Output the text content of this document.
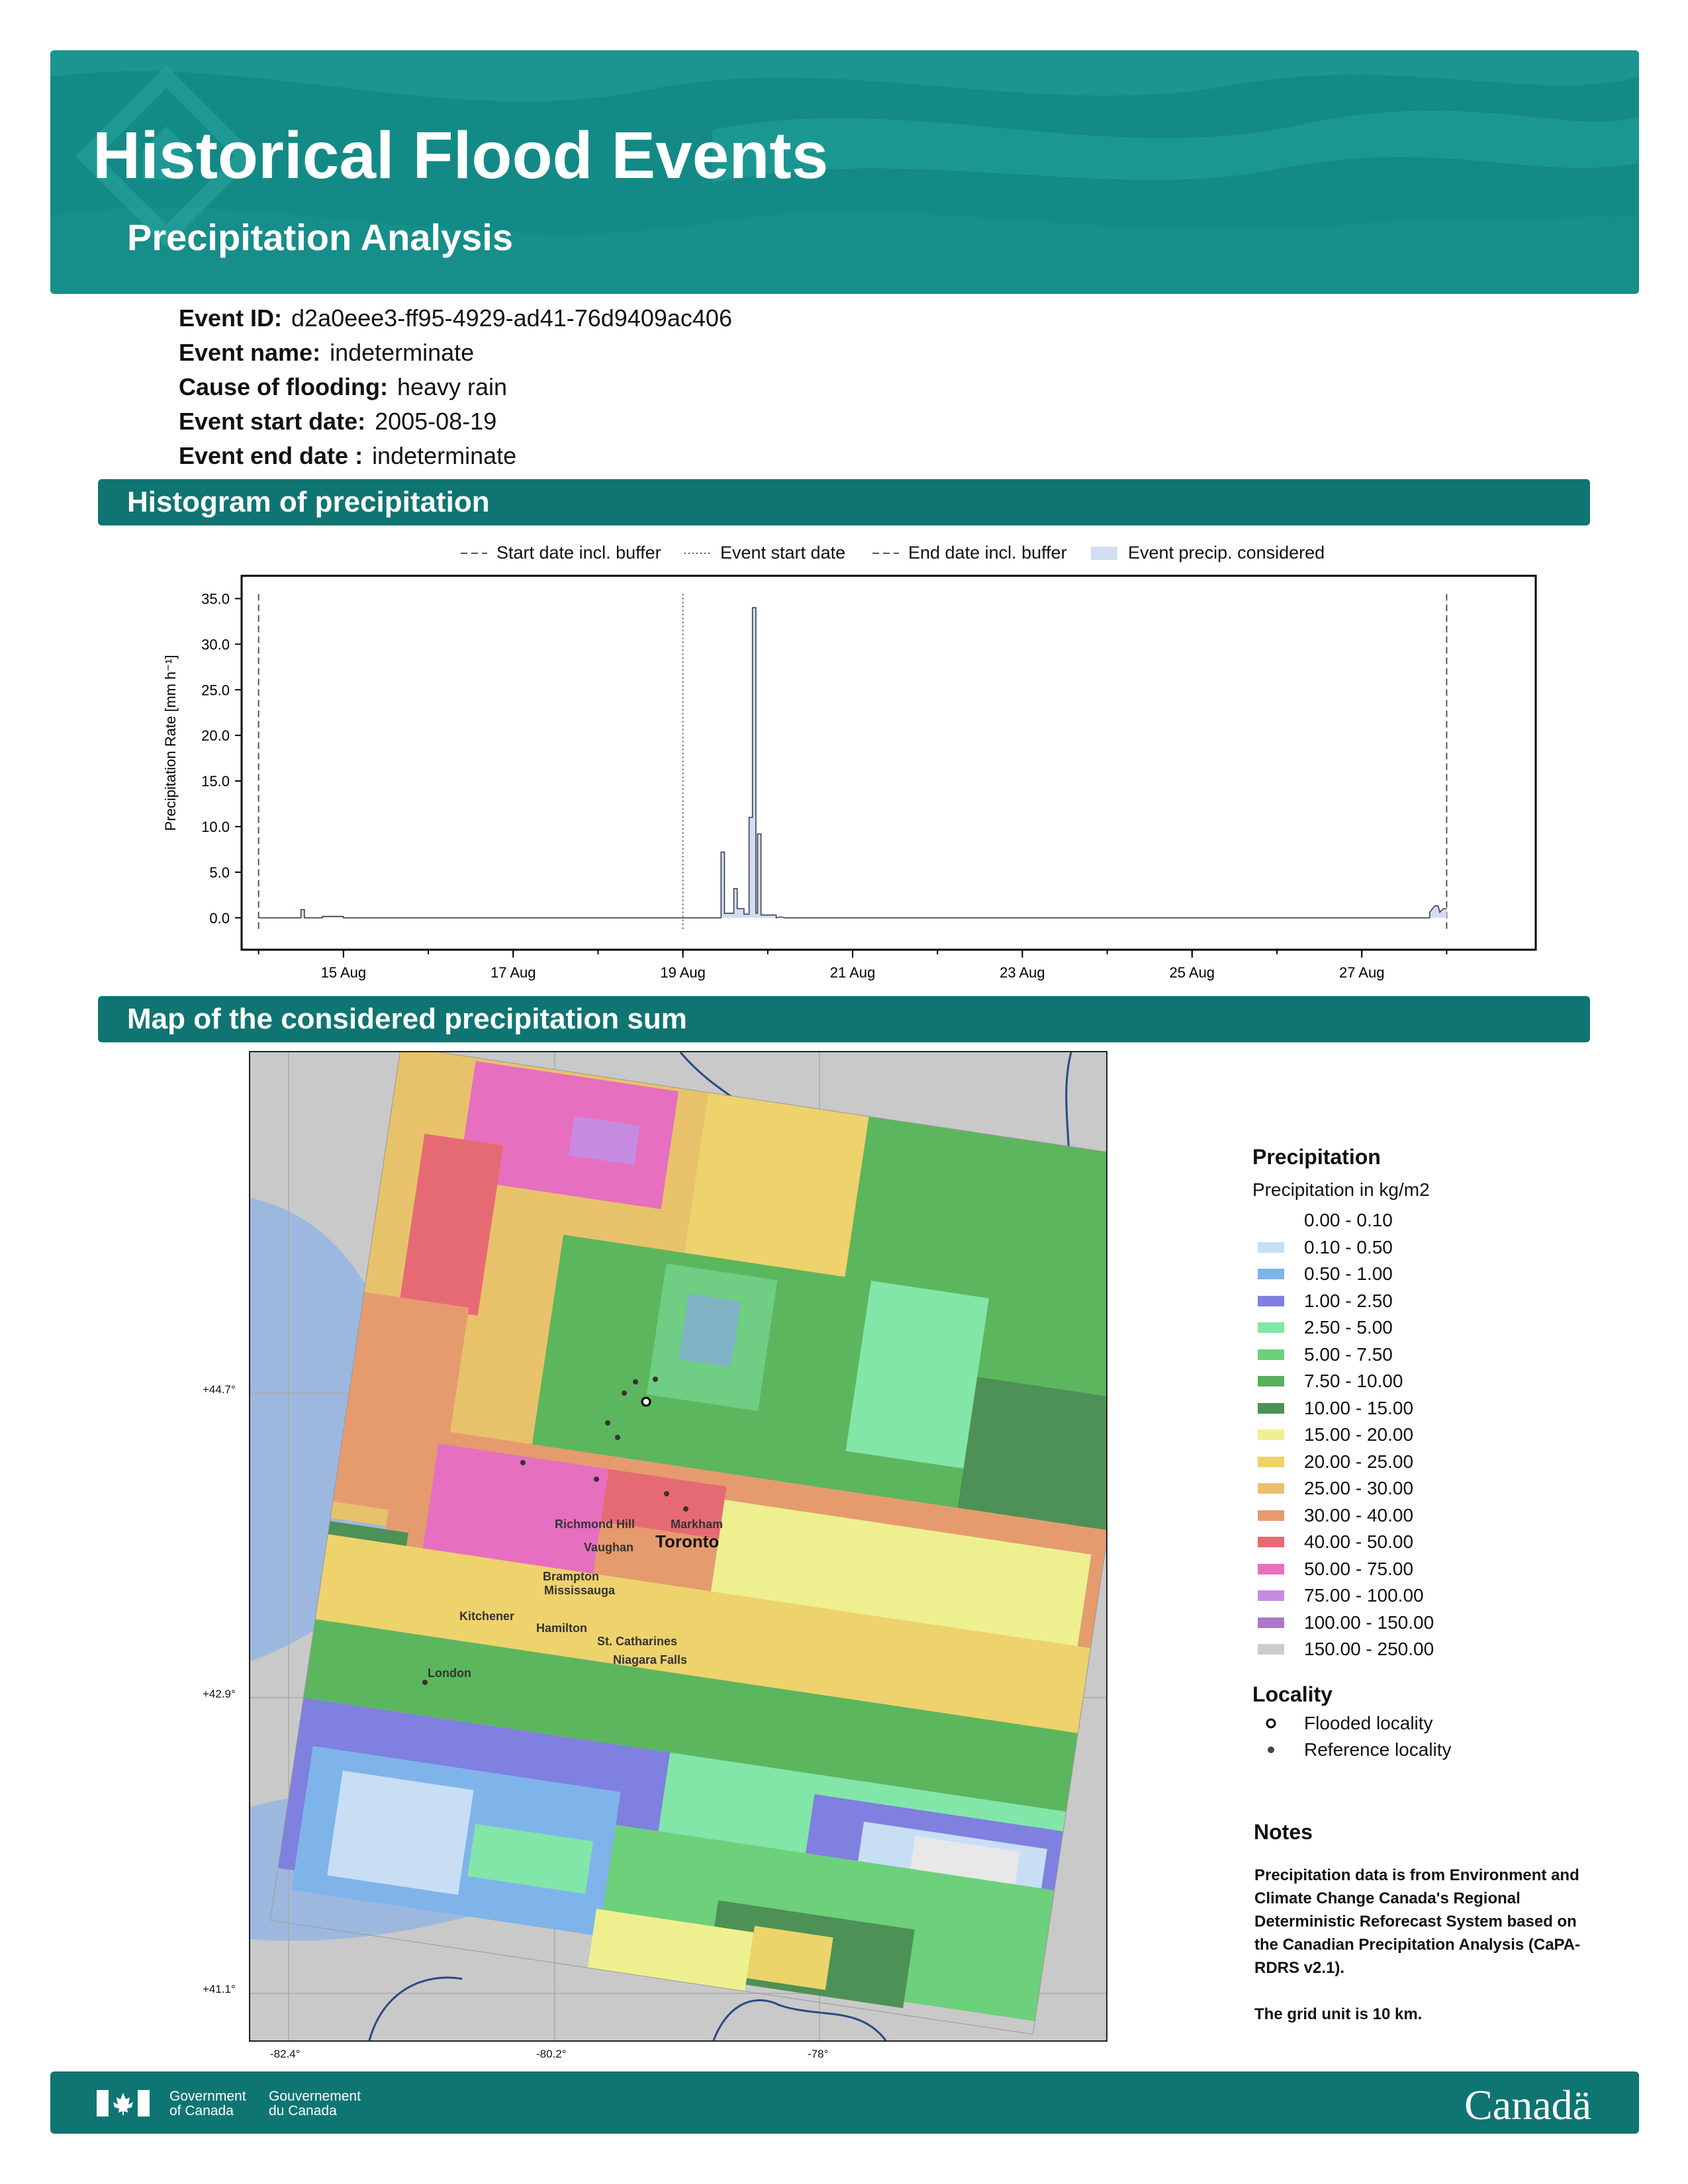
Historical Flood Events
Precipitation Analysis
Event ID: d2a0eee3-ff95-4929-ad41-76d9409ac406
Event name: indeterminate
Cause of flooding: heavy rain
Event start date: 2005-08-19
Event end date : indeterminate
Histogram of precipitation
Start date incl. buffer	Event start date	End date incl. buffer	Event precip. considered
0.0
5.0
10.0
15.0
20.0
25.0
30.0
35.0
15 Aug	17 Aug	19 Aug	21 Aug	23 Aug	25 Aug	27 Aug
Precipitation Rate [mm h⁻¹]
Map of the considered precipitation sum
Richmond Hill	Markham
Vaughan Toronto
Brampton
Mississauga
Kitchener
Hamilton
St. Catharines
Niagara Falls
London
+44.7°
+42.9°
+41.1°
-82.4°	-80.2°	-78°
Precipitation
Precipitation in kg/m2
0.00 - 0.10
0.10 - 0.50
0.50 - 1.00
1.00 - 2.50
2.50 - 5.00
5.00 - 7.50
7.50 - 10.00
10.00 - 15.00
15.00 - 20.00
20.00 - 25.00
25.00 - 30.00
30.00 - 40.00
40.00 - 50.00
50.00 - 75.00
75.00 - 100.00
100.00 - 150.00
150.00 - 250.00
Locality
Flooded locality
Reference locality
Notes
Precipitation data is from Environment and Climate Change Canada's Regional Deterministic Reforecast System based on the Canadian Precipitation Analysis (CaPA-RDRS v2.1).
The grid unit is 10 km.
Government
of Canada
Gouvernement
du Canada	Canadä
